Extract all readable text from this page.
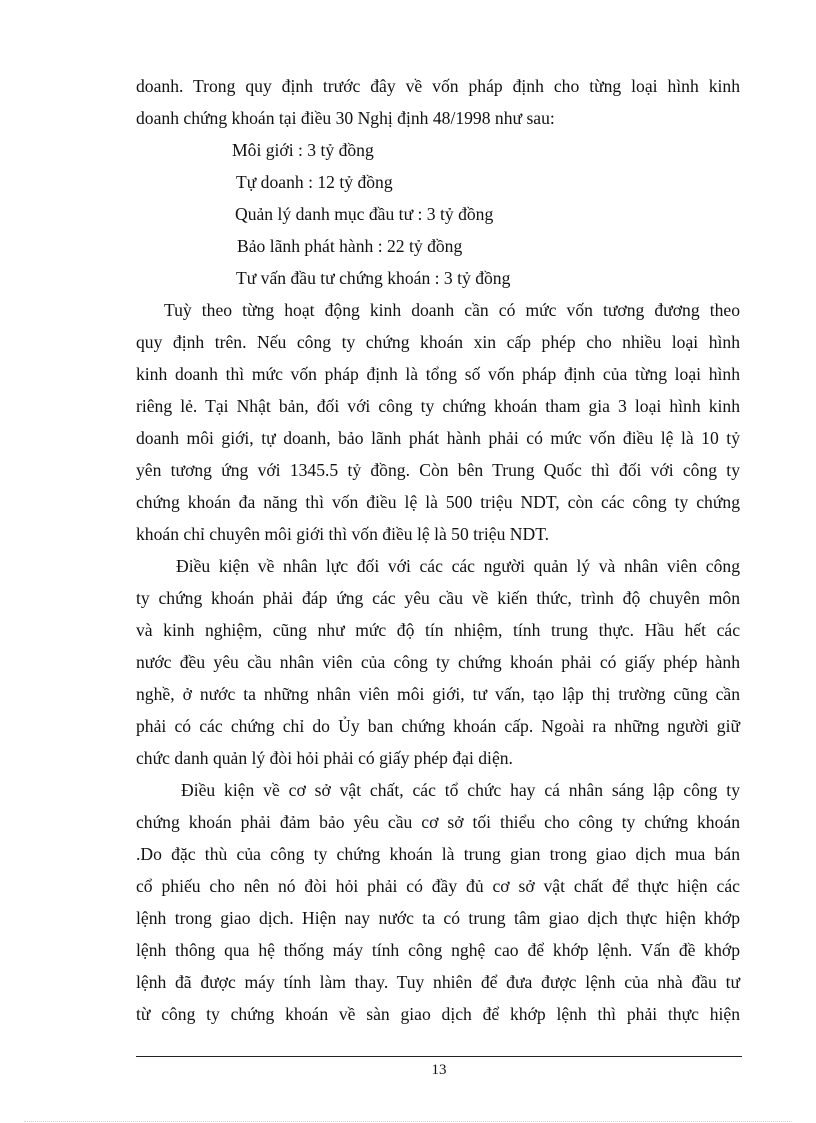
doanh. Trong quy định trước đây về vốn pháp định cho từng loại hình kinh
doanh chứng khoán tại điều 30 Nghị định 48/1998 như sau:
Môi giới : 3 tỷ đồng
Tự doanh : 12 tỷ đồng
Quản lý danh mục đầu tư : 3 tỷ đồng
Bảo lãnh phát hành : 22 tỷ đồng
Tư vấn đầu tư chứng khoán : 3 tỷ đồng
Tuỳ theo từng hoạt động kinh doanh cần có mức vốn tương đương theo
quy định trên. Nếu công ty chứng khoán xin cấp phép cho nhiều loại hình
kinh doanh thì mức vốn pháp định là tổng số vốn pháp định của từng loại hình
riêng lẻ. Tại Nhật bản, đối với công ty chứng khoán tham gia 3 loại hình kinh
doanh môi giới, tự doanh, bảo lãnh phát hành phải có mức vốn điều lệ là 10 tỷ
yên tương ứng với 1345.5 tỷ đồng. Còn bên Trung Quốc thì đối với công ty
chứng khoán đa năng thì vốn điều lệ là 500 triệu NDT, còn các công ty chứng
khoán chỉ chuyên môi giới thì vốn điều lệ là 50 triệu NDT.
Điều kiện về nhân lực đối với các các người quản lý và nhân viên công
ty chứng khoán phải đáp ứng các yêu cầu về kiến thức, trình độ chuyên môn
và kinh nghiệm, cũng như mức độ tín nhiệm, tính trung thực. Hầu hết các
nước đều yêu cầu nhân viên của công ty chứng khoán phải có giấy phép hành
nghề, ở nước ta những nhân viên môi giới, tư vấn, tạo lập thị trường cũng cần
phải có các chứng chỉ do Ủy ban chứng khoán cấp. Ngoài ra những người giữ
chức danh quản lý đòi hỏi phải có giấy phép đại diện.
Điều kiện về cơ sở vật chất, các tổ chức hay cá nhân sáng lập công ty
chứng khoán phải đảm bảo yêu cầu cơ sở tối thiểu cho công ty chứng khoán
.Do đặc thù của công ty chứng khoán là trung gian trong giao dịch mua bán
cổ phiếu cho nên nó đòi hỏi phải có đầy đủ cơ sở vật chất để thực hiện các
lệnh trong giao dịch. Hiện nay nước ta có trung tâm giao dịch thực hiện khớp
lệnh thông qua hệ thống máy tính công nghệ cao để khớp lệnh. Vấn đề khớp
lệnh đã được máy tính làm thay. Tuy nhiên để đưa được lệnh của nhà đầu tư
từ công ty chứng khoán về sàn giao dịch để khớp lệnh thì phải thực hiện
13
